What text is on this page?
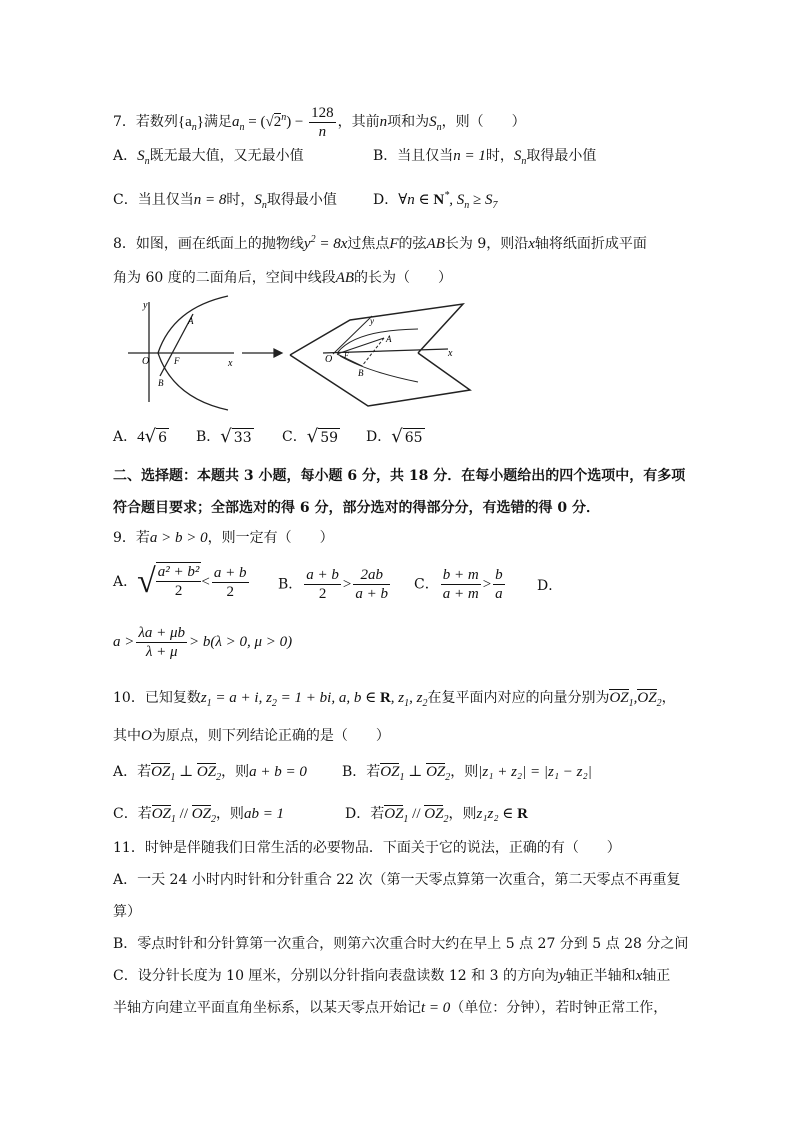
7．若数列$\{a_n\}$满足$a_n = (√2^n) - \frac{128}{n}$ ，其前n项和为$S_n$，则（　　）
A．$S_n$既无最大值，又无最小值	B．当且仅当n = 1时，$S_n$取得最小值
C．当且仅当n = 8时，$S_n$取得最小值	D．∀n ∈ N*, $S_n \ge S_7$
8．如图，画在纸面上的抛物线$y^2 = 8x$过焦点F的弦AB长为 9，则沿x轴将纸面折成平面
角为 60 度的二面角后，空间中线段AB的长为（　　）
y
x
O
A
B
F	O
y
x
A
B
F
A．4 √ 6 B． √ 33 C． √ 59 D． √ 65
二、选择题：本题共 3 小题，每小题 6 分，共 18 分．在每小题给出的四个选项中，有多项
符合题目要求；全部选对的得 6 分，部分选对的得部分分，有选错的得 0 分．
9．若a > b > 0，则一定有（　　）
A． √ $\frac{\text{a² + b²}}{2} < \frac{a + b}{2}$ B． $\frac{a + b}{2} > \frac{2ab}{a + b}$ C． $\frac{b + m}{a + m} > \frac{b}{a}$ D．
$a > \frac{\lambda a + \mu b}{\lambda + \mu} > b(\lambda > 0$, μ > 0)
10．已知复数$z_1 = a + i$, $z_2 = 1$ + bi, a, b ∈ R, $z_1$, $z_2$在复平面内对应的向量分别为$OZ_1,OZ_2$，
其中O为原点，则下列结论正确的是（　　）
A．若$OZ_1$ ⊥ $OZ_2$，则a + b = 0	B．若$OZ_1$ ⊥ $OZ_2$，则|z₁ + z₂| = |z₁ − z₂|
C．若$OZ_1 // OZ_2$，则ab = 1	D．若$OZ_1 // OZ_2$，则z₁z₂ ∈ R
11．时钟是伴随我们日常生活的必要物品．下面关于它的说法，正确的有（　　）
A．一天 24 小时内时针和分针重合 22 次（第一天零点算第一次重合，第二天零点不再重复
算）
B．零点时针和分针算第一次重合，则第六次重合时大约在早上 5 点 27 分到 5 点 28 分之间
C．设分针长度为 10 厘米，分别以分针指向表盘读数 12 和 3 的方向为y轴正半轴和x轴正
半轴方向建立平面直角坐标系，以某天零点开始记t = 0（单位：分钟），若时钟正常工作，
